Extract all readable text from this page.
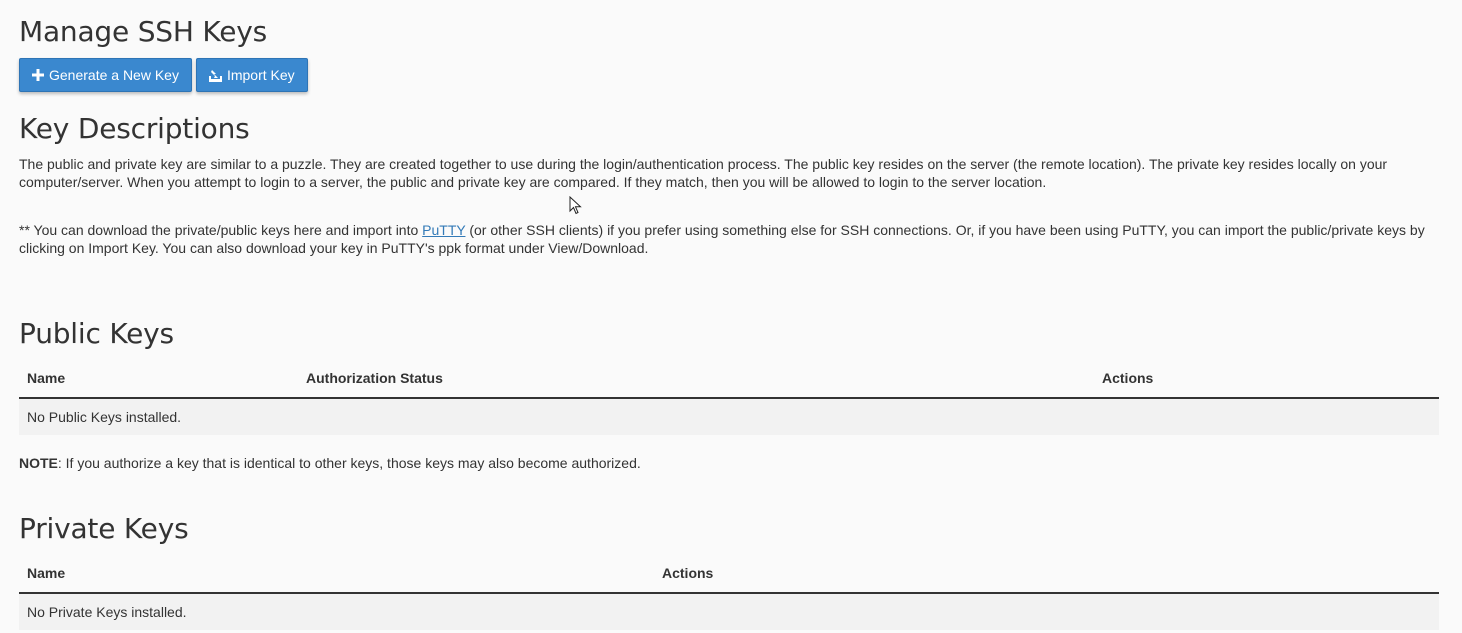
Manage SSH Keys
Generate a New Key	Import Key
Key Descriptions

The public and private key are similar to a puzzle. They are created together to use during the login/authentication process. The public key resides on the server (the remote location). The private key resides locally on your computer/server. When you attempt to login to a server, the public and private key are compared. If they match, then you will be allowed to login to the server location.

** You can download the private/public keys here and import into PuTTY (or other SSH clients) if you prefer using something else for SSH connections. Or, if you have been using PuTTY, you can import the public/private keys by clicking on Import Key. You can also download your key in PuTTY's ppk format under View/Download.

Public Keys
Name	Authorization Status	Actions
No Public Keys installed.
NOTE: If you authorize a key that is identical to other keys, those keys may also become authorized.
Private Keys
Name	Actions
No Private Keys installed.
